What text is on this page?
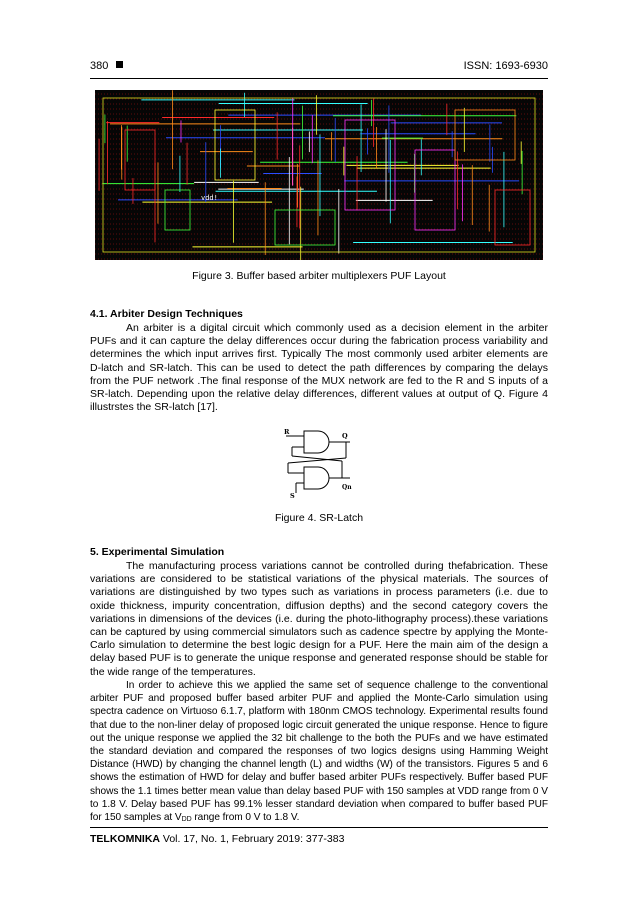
380	ISSN: 1693-6930
vdd!
Figure 3. Buffer based arbiter multiplexers PUF Layout
4.1. Arbiter Design Techniques

An arbiter is a digital circuit which commonly used as a decision element in the arbiter PUFs and it can capture the delay differences occur during the fabrication process variability and determines the which input arrives first. Typically The most commonly used arbiter elements are D-latch and SR-latch. This can be used to detect the path differences by comparing the delays from the PUF network .The final response of the MUX network are fed to the R and S inputs of a SR-latch. Depending upon the relative delay differences, different values at output of Q. Figure 4 illustrstes the SR-latch [17].

R	Q
Qn
S
Figure 4. SR-Latch
5. Experimental Simulation

The manufacturing process variations cannot be controlled during thefabrication. These variations are considered to be statistical variations of the physical materials. The sources of variations are distinguished by two types such as variations in process parameters (i.e. due to oxide thickness, impurity concentration, diffusion depths) and the second category covers the variations in dimensions of the devices (i.e. during the photo-lithography process).these variations can be captured by using commercial simulators such as cadence spectre by applying the Monte-Carlo simulation to determine the best logic design for a PUF. Here the main aim of the design a delay based PUF is to generate the unique response and generated response should be stable for the wide range of the temperatures.

In order to achieve this we applied the same set of sequence challenge to the conventional arbiter PUF and proposed buffer based arbiter PUF and applied the Monte-Carlo simulation using spectra cadence on Virtuoso 6.1.7, platform with 180nm CMOS technology. Experimental results found that due to the non-liner delay of proposed logic circuit generated the unique response. Hence to figure out the unique response we applied the 32 bit challenge to the both the PUFs and we have estimated the standard deviation and compared the responses of two logics designs using Hamming Weight Distance (HWD) by changing the channel length (L) and widths (W) of the transistors. Figures 5 and 6 shows the estimation of HWD for delay and buffer based arbiter PUFs respectively. Buffer based PUF shows the 1.1 times better mean value than delay based PUF with 150 samples at VDD range from 0 V to 1.8 V. Delay based PUF has 99.1% lesser standard deviation when compared to buffer based PUF for 150 samples at $V_{DD}$ range from 0 V to 1.8 V.

TELKOMNIKA Vol. 17, No. 1, February 2019: 377-383
